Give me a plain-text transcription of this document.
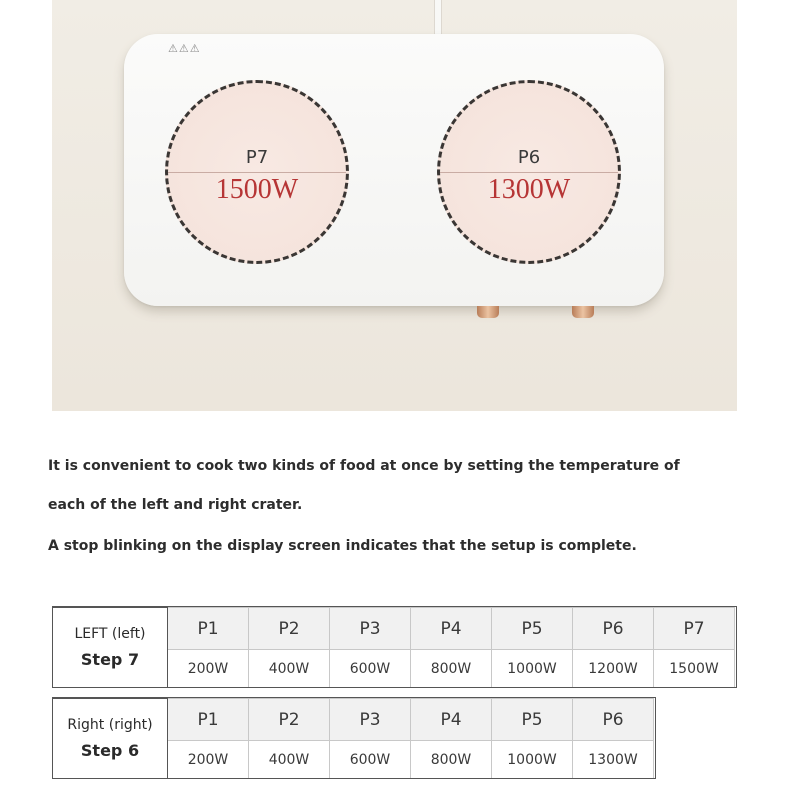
⚠⚠⚠
P7
1500W
P6
1300W
It is convenient to cook two kinds of food at once by setting the temperature of
each of the left and right crater.
A stop blinking on the display screen indicates that the setup is complete.
LEFT (left)
Step 7	P1	P2	P3	P4	P5	P6	P7
	200W	400W	600W	800W	1000W	1200W	1500W
Right (right)
Step 6	P1	P2	P3	P4	P5	P6
	200W	400W	600W	800W	1000W	1300W
